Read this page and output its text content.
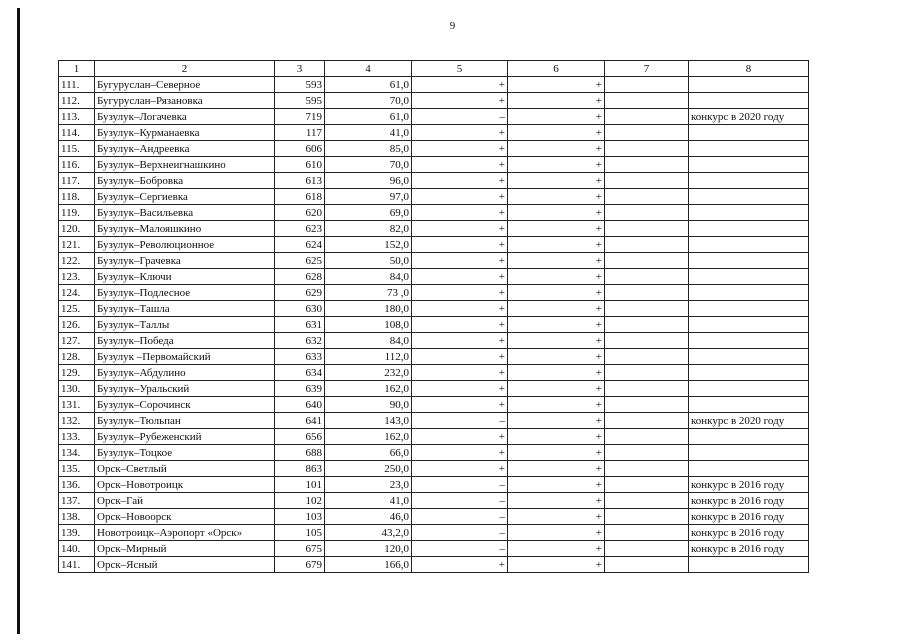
9
1	2	3	4	5	6	7	8
111.	Бугуруслан–Северное	593	61,0	+	+		
112.	Бугуруслан–Рязановка	595	70,0	+	+		
113.	Бузулук–Логачевка	719	61,0	–	+		конкурс в 2020 году
114.	Бузулук–Курманаевка	117	41,0	+	+		
115.	Бузулук–Андреевка	606	85,0	+	+		
116.	Бузулук–Верхнеигнашкино	610	70,0	+	+		
117.	Бузулук–Бобровка	613	96,0	+	+		
118.	Бузулук–Сергиевка	618	97,0	+	+		
119.	Бузулук–Васильевка	620	69,0	+	+		
120.	Бузулук–Малояшкино	623	82,0	+	+		
121.	Бузулук–Революционное	624	152,0	+	+		
122.	Бузулук–Грачевка	625	50,0	+	+		
123.	Бузулук–Ключи	628	84,0	+	+		
124.	Бузулук–Подлесное	629	73 ,0	+	+		
125.	Бузулук–Ташла	630	180,0	+	+		
126.	Бузулук–Таллы	631	108,0	+	+		
127.	Бузулук–Победа	632	84,0	+	+		
128.	Бузулук –Первомайский	633	112,0	+	+		
129.	Бузулук–Абдулино	634	232,0	+	+		
130.	Бузулук–Уральский	639	162,0	+	+		
131.	Бузулук–Сорочинск	640	90,0	+	+		
132.	Бузулук–Тюльпан	641	143,0	–	+		конкурс в 2020 году
133.	Бузулук–Рубеженский	656	162,0	+	+		
134.	Бузулук–Тоцкое	688	66,0	+	+		
135.	Орск–Светлый	863	250,0	+	+		
136.	Орск–Новотроицк	101	23,0	–	+		конкурс в 2016 году
137.	Орск–Гай	102	41,0	–	+		конкурс в 2016 году
138.	Орск–Новоорск	103	46,0	–	+		конкурс в 2016 году
139.	Новотроицк–Аэропорт «Орск»	105	43,2,0	–	+		конкурс в 2016 году
140.	Орск–Мирный	675	120,0	–	+		конкурс в 2016 году
141.	Орск–Ясный	679	166,0	+	+		
